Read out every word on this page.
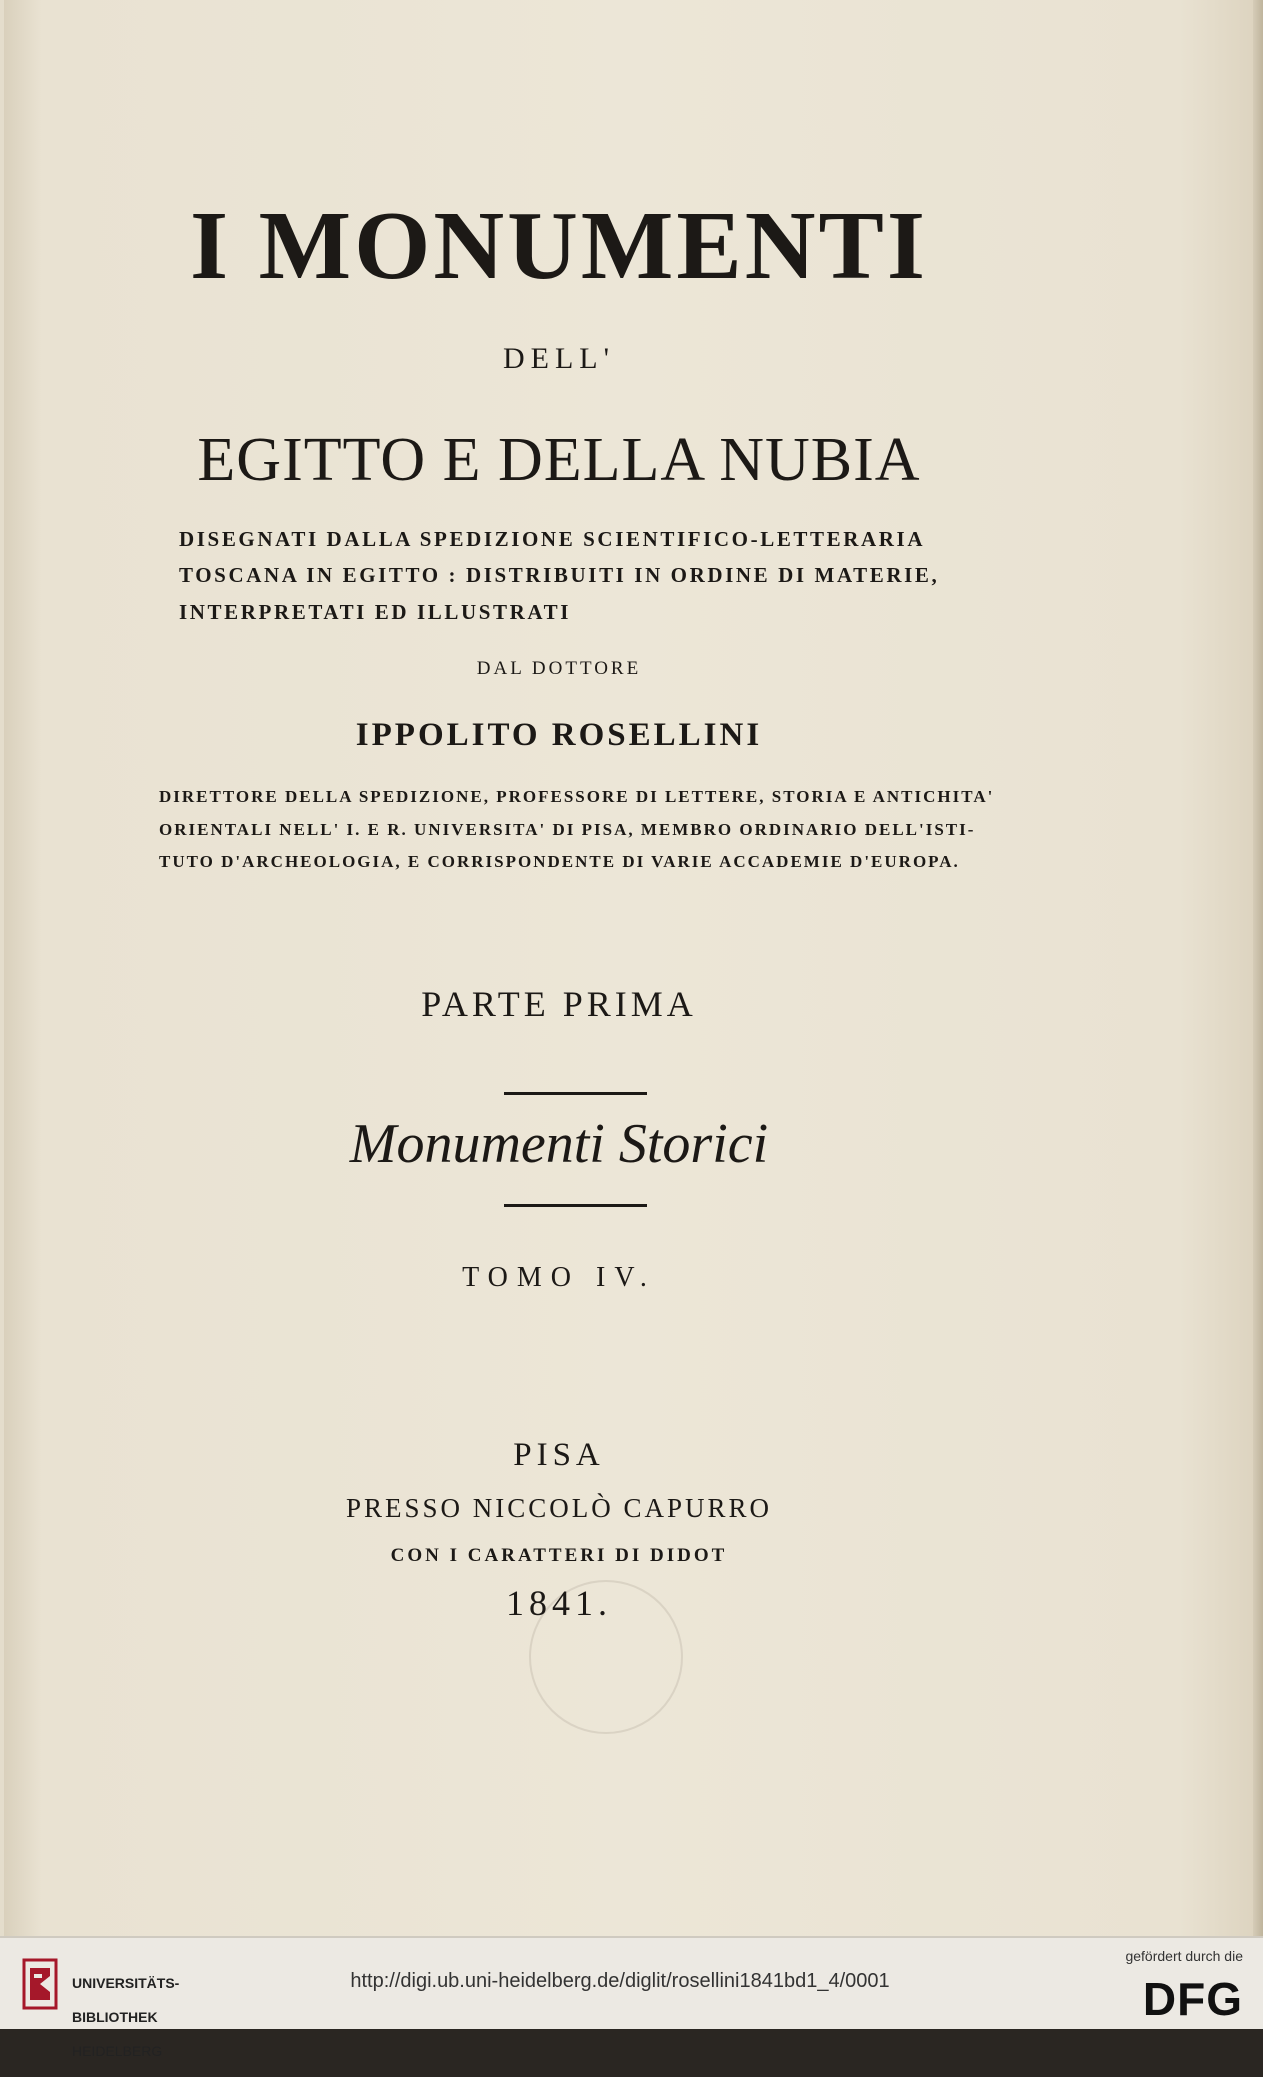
I MONUMENTI
DELL'
EGITTO E DELLA NUBIA
DISEGNATI DALLA SPEDIZIONE SCIENTIFICO-LETTERARIA
TOSCANA IN EGITTO : DISTRIBUITI IN ORDINE DI MATERIE,
INTERPRETATI ED ILLUSTRATI
DAL DOTTORE
IPPOLITO ROSELLINI
DIRETTORE DELLA SPEDIZIONE, PROFESSORE DI LETTERE, STORIA E ANTICHITA'
ORIENTALI NELL' I. E R. UNIVERSITA' DI PISA, MEMBRO ORDINARIO DELL'ISTI-
TUTO D'ARCHEOLOGIA, E CORRISPONDENTE DI VARIE ACCADEMIE D'EUROPA.
PARTE PRIMA
Monumenti Storici
TOMO IV.
PISA
PRESSO NICCOLÒ CAPURRO
CON I CARATTERI DI DIDOT
1841.

UNIVERSITÄTS-

BIBLIOTHEK

HEIDELBERG

http://digi.ub.uni-heidelberg.de/diglit/rosellini1841bd1_4/0001
gefördert durch die
DFG
